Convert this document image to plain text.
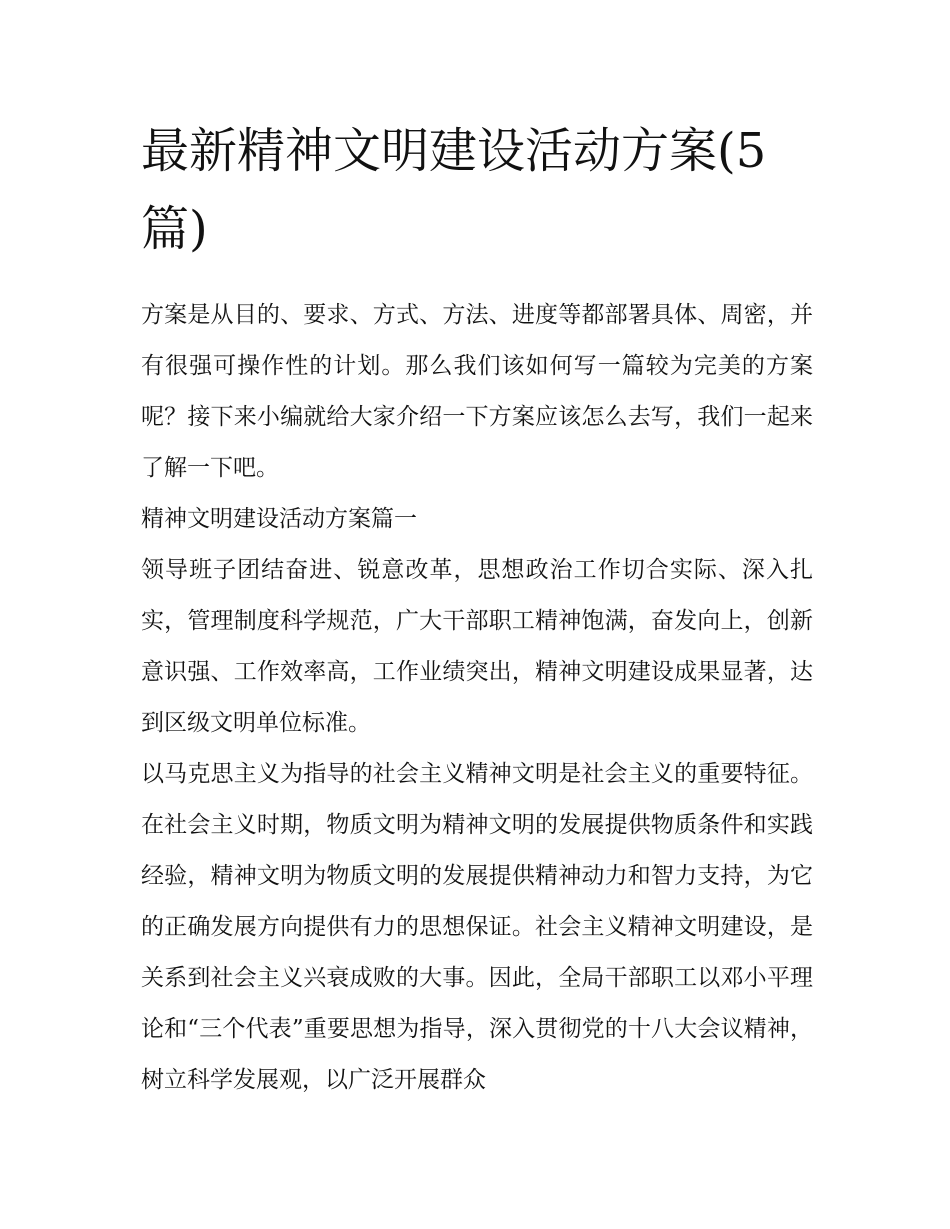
最新精神文明建设活动方案(5篇)

方案是从目的、要求、方式、方法、进度等都部署具体、周密，并有很强可操作性的计划。那么我们该如何写一篇较为完美的方案呢？接下来小编就给大家介绍一下方案应该怎么去写，我们一起来了解一下吧。

精神文明建设活动方案篇一

领导班子团结奋进、锐意改革，思想政治工作切合实际、深入扎实，管理制度科学规范，广大干部职工精神饱满，奋发向上，创新意识强、工作效率高，工作业绩突出，精神文明建设成果显著，达到区级文明单位标准。

以马克思主义为指导的社会主义精神文明是社会主义的重要特征。在社会主义时期，物质文明为精神文明的发展提供物质条件和实践经验，精神文明为物质文明的发展提供精神动力和智力支持，为它的正确发展方向提供有力的思想保证。社会主义精神文明建设，是关系到社会主义兴衰成败的大事。因此，全局干部职工以邓小平理论和“三个代表”重要思想为指导，深入贯彻党的十八大会议精神，树立科学发展观，以广泛开展群众
